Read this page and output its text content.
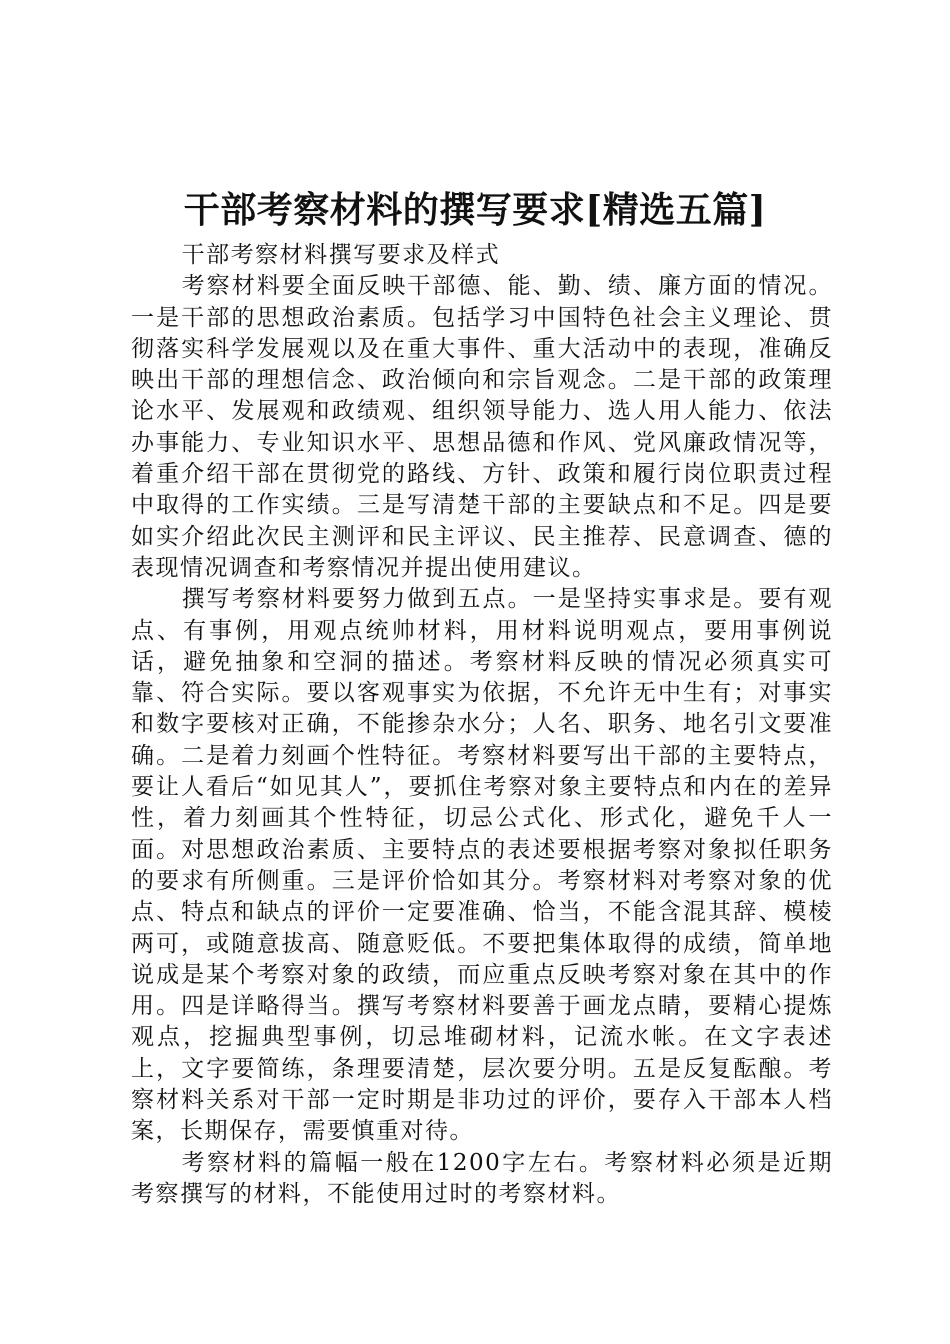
干部考察材料的撰写要求[精选五篇]

干部考察材料撰写要求及样式

考察材料要全面反映干部德、能、勤、绩、廉方面的情况。一是干部的思想政治素质。包括学习中国特色社会主义理论、贯彻落实科学发展观以及在重大事件、重大活动中的表现，准确反映出干部的理想信念、政治倾向和宗旨观念。二是干部的政策理论水平、发展观和政绩观、组织领导能力、选人用人能力、依法办事能力、专业知识水平、思想品德和作风、党风廉政情况等，着重介绍干部在贯彻党的路线、方针、政策和履行岗位职责过程中取得的工作实绩。三是写清楚干部的主要缺点和不足。四是要如实介绍此次民主测评和民主评议、民主推荐、民意调查、德的表现情况调查和考察情况并提出使用建议。

撰写考察材料要努力做到五点。一是坚持实事求是。要有观点、有事例，用观点统帅材料，用材料说明观点，要用事例说话，避免抽象和空洞的描述。考察材料反映的情况必须真实可靠、符合实际。要以客观事实为依据，不允许无中生有；对事实和数字要核对正确，不能掺杂水分；人名、职务、地名引文要准确。二是着力刻画个性特征。考察材料要写出干部的主要特点，要让人看后“如见其人”，要抓住考察对象主要特点和内在的差异性，着力刻画其个性特征，切忌公式化、形式化，避免千人一面。对思想政治素质、主要特点的表述要根据考察对象拟任职务的要求有所侧重。三是评价恰如其分。考察材料对考察对象的优点、特点和缺点的评价一定要准确、恰当，不能含混其辞、模棱两可，或随意拔高、随意贬低。不要把集体取得的成绩，简单地说成是某个考察对象的政绩，而应重点反映考察对象在其中的作用。四是详略得当。撰写考察材料要善于画龙点睛，要精心提炼观点，挖掘典型事例，切忌堆砌材料，记流水帐。在文字表述上，文字要简练，条理要清楚，层次要分明。五是反复酝酿。考察材料关系对干部一定时期是非功过的评价，要存入干部本人档案，长期保存，需要慎重对待。

考察材料的篇幅一般在1200字左右。考察材料必须是近期考察撰写的材料，不能使用过时的考察材料。
